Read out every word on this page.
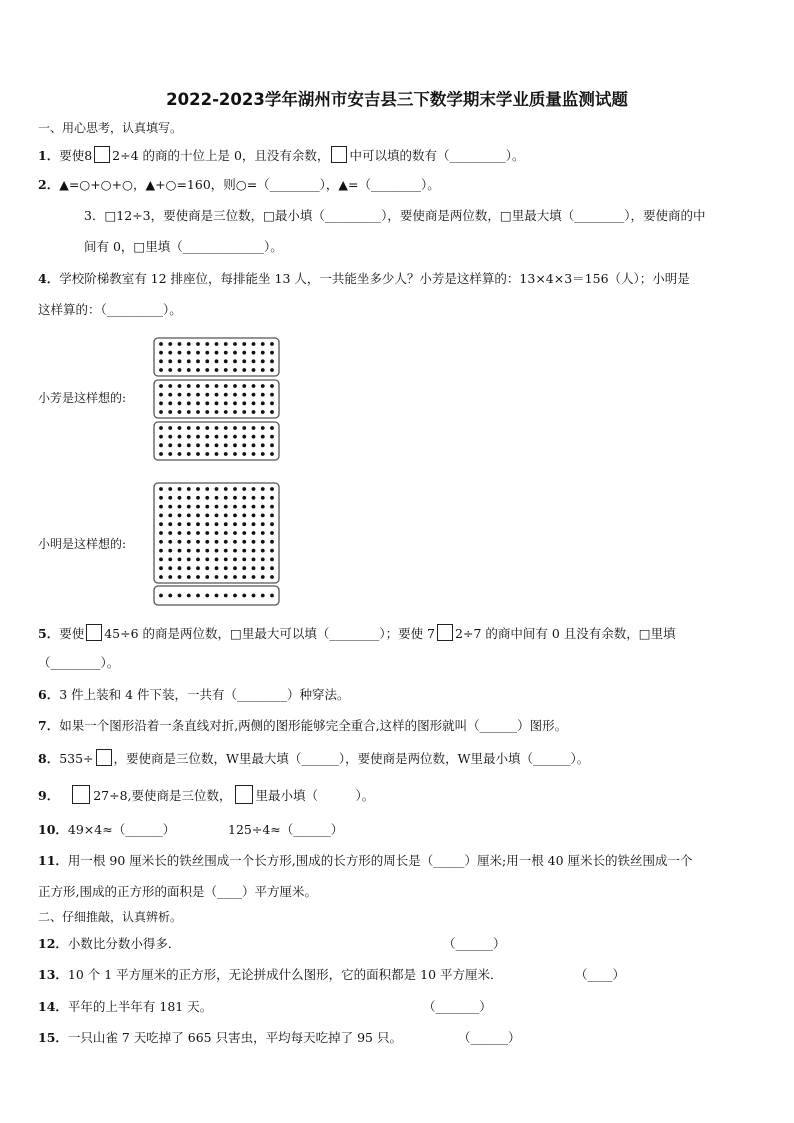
2022-2023学年湖州市安吉县三下数学期末学业质量监测试题
一、用心思考，认真填写。
1．要使8 2÷4 的商的十位上是 0，且没有余数， 中可以填的数有（_________）。
2．▲=○+○+○，▲+○=160，则○=（________），▲=（________）。
3．□12÷3，要使商是三位数，□最小填（_________），要使商是两位数，□里最大填（________），要使商的中
间有 0，□里填（_____________）。
4．学校阶梯教室有 12 排座位，每排能坐 13 人，一共能坐多少人？小芳是这样算的：13×4×3＝156（人）；小明是
这样算的：（_________）。
小芳是这样想的:
小明是这样想的:
5．要使 45÷6 的商是两位数，□里最大可以填（________）；要使 7 2÷7 的商中间有 0 且没有余数，□里填
（________）。
6．3 件上装和 4 件下装，一共有（________）种穿法。
7．如果一个图形沿着一条直线对折,两侧的图形能够完全重合,这样的图形就叫（______）图形。
8．535÷ ，要使商是三位数，W里最大填（______），要使商是两位数，W里最小填（______）。
9．	27÷8,要使商是三位数， 里最小填（　　　）。
10．49×4≈（______）	125÷4≈（______）
11．用一根 90 厘米长的铁丝围成一个长方形,围成的长方形的周长是（_____）厘米;用一根 40 厘米长的铁丝围成一个
正方形,围成的正方形的面积是（____）平方厘米。
二、仔细推敲，认真辨析。
12．小数比分数小得多．	（______）
13．10 个 1 平方厘米的正方形，无论拼成什么图形，它的面积都是 10 平方厘米．	（____）
14．平年的上半年有 181 天。	（_______）
15．一只山雀 7 天吃掉了 665 只害虫，平均每天吃掉了 95 只。	（______）
